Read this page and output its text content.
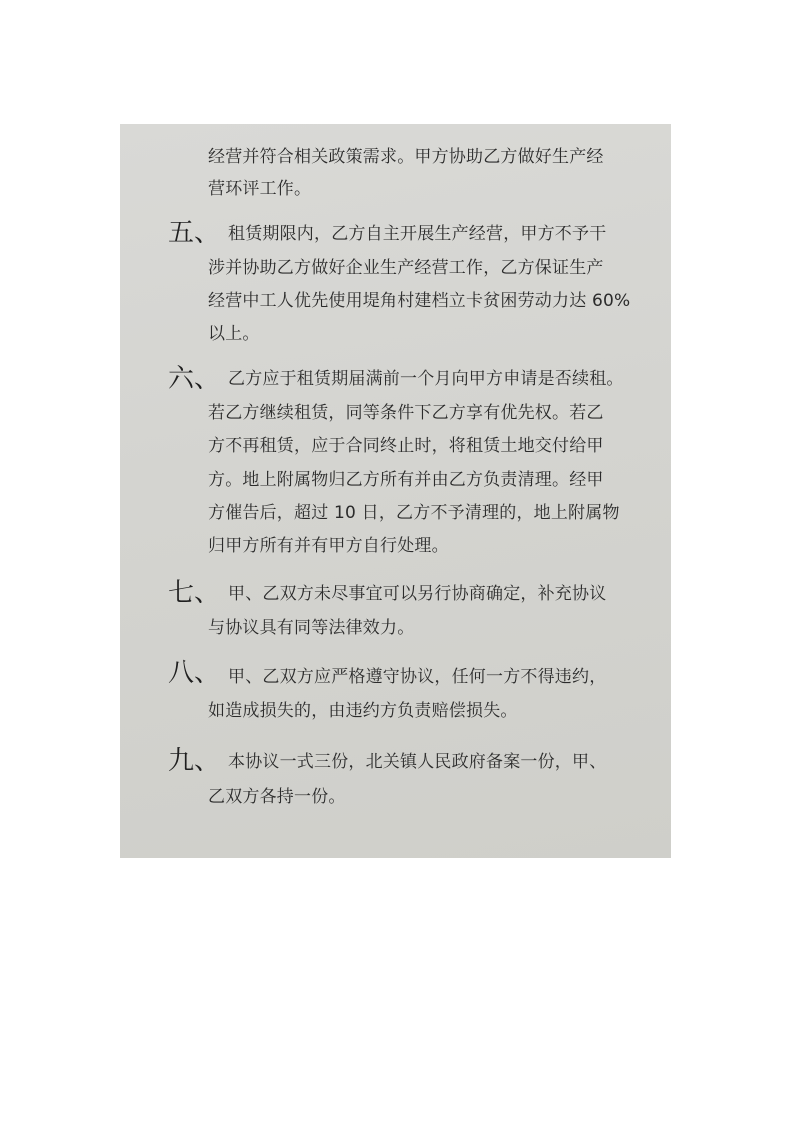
经营并符合相关政策需求。甲方协助乙方做好生产经
营环评工作。
五、 租赁期限内，乙方自主开展生产经营，甲方不予干
涉并协助乙方做好企业生产经营工作，乙方保证生产
经营中工人优先使用堤角村建档立卡贫困劳动力达 60%
以上。
六、 乙方应于租赁期届满前一个月向甲方申请是否续租。
若乙方继续租赁，同等条件下乙方享有优先权。若乙
方不再租赁，应于合同终止时，将租赁土地交付给甲
方。地上附属物归乙方所有并由乙方负责清理。经甲
方催告后，超过 10 日，乙方不予清理的，地上附属物
归甲方所有并有甲方自行处理。
七、 甲、乙双方未尽事宜可以另行协商确定，补充协议
与协议具有同等法律效力。
八、 甲、乙双方应严格遵守协议，任何一方不得违约，
如造成损失的，由违约方负责赔偿损失。
九、 本协议一式三份，北关镇人民政府备案一份，甲、
乙双方各持一份。
